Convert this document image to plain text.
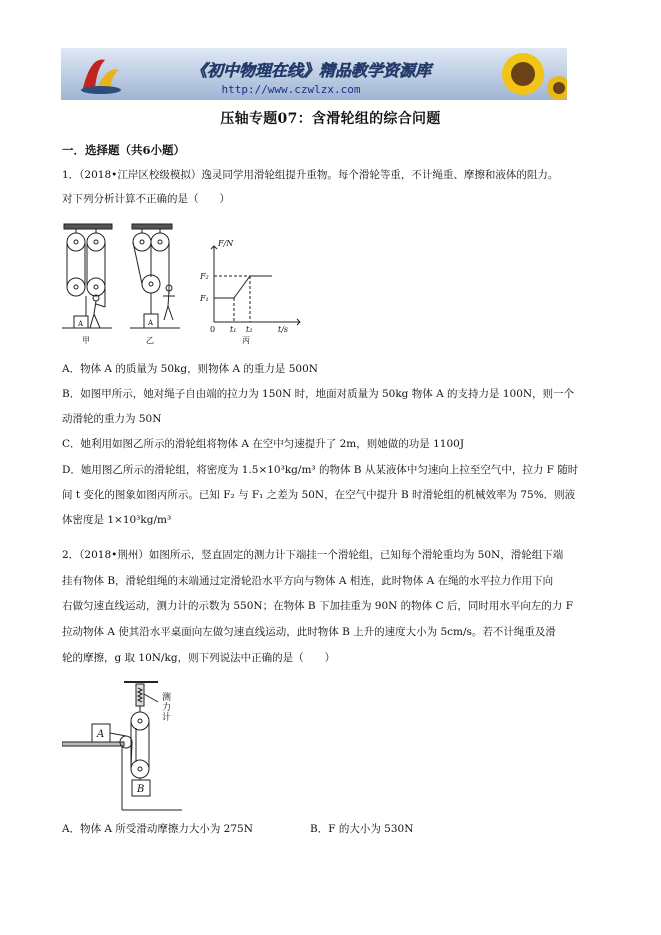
《初中物理在线》精品教学资源库
http://www.czwlzx.com
压轴专题07：含滑轮组的综合问题
一．选择题（共6小题）
1．（2018•江岸区校级模拟）逸灵同学用滑轮组提升重物。每个滑轮等重，不计绳重、摩擦和液体的阻力。
对下列分析计算不正确的是（　　）
A	A
甲	乙	丙
F/N
F₂
F₁
0 t₁ t₂	t/s
A．物体 A 的质量为 50kg，则物体 A 的重力是 500N
B．如图甲所示，她对绳子自由端的拉力为 150N 时，地面对质量为 50kg 物体 A 的支持力是 100N，则一个
动滑轮的重力为 50N
C．她利用如图乙所示的滑轮组将物体 A 在空中匀速提升了 2m，则她做的功是 1100J
D．她用图乙所示的滑轮组，将密度为 1.5×10³kg/m³ 的物体 B 从某液体中匀速向上拉至空气中，拉力 F 随时
间 t 变化的图象如图丙所示。已知 F₂ 与 F₁ 之差为 50N，在空气中提升 B 时滑轮组的机械效率为 75%．则液
体密度是 1×10³kg/m³
2．（2018•荆州）如图所示，竖直固定的测力计下端挂一个滑轮组，已知每个滑轮重均为 50N，滑轮组下端
挂有物体 B，滑轮组绳的末端通过定滑轮沿水平方向与物体 A 相连，此时物体 A 在绳的水平拉力作用下向
右做匀速直线运动，测力计的示数为 550N；在物体 B 下加挂重为 90N 的物体 C 后，同时用水平向左的力 F
拉动物体 A 使其沿水平桌面向左做匀速直线运动，此时物体 B 上升的速度大小为 5cm/s。若不计绳重及滑
轮的摩擦，g 取 10N/kg，则下列说法中正确的是（　　）
测
力
计
A
B
A．物体 A 所受滑动摩擦力大小为 275N	B．F 的大小为 530N
